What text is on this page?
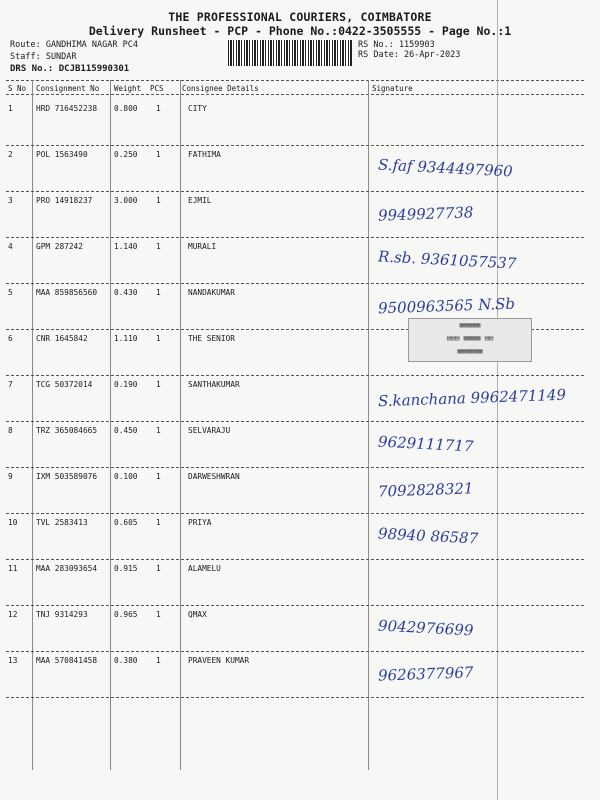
THE PROFESSIONAL COURIERS, COIMBATORE
Delivery Runsheet - PCP - Phone No.:0422-3505555 - Page No.:1
Route: GANDHIMA NAGAR PC4
Staff: SUNDAR
DRS No.: DCJB115990301
RS No.: 1159903
RS Date: 26-Apr-2023
S No Consignment No Weight PCS Consignee Details	Signature
1	HRD 716452238 0.800 1	CITY
2	POL 1563490	0.250 1	FATHIMA
S.faf 9344497960
3	PRO 14918237	3.000 1	EJMIL
9949927738
4	GPM 287242	1.140 1	MURALI
R.sb. 9361057537
5	MAA 859856560 0.430 1	NANDAKUMAR
9500963565 N.Sb
6	CNR 1645842	1.110 1	THE SENIOR
7	TCG 50372014	0.190 1	SANTHAKUMAR
S.kanchana 9962471149
8	TRZ 365084665 0.450 1	SELVARAJU
9629111717
9	IXM 503589076 0.100 1	DARWESHWRAN
7092828321
10 TVL 2583413	0.605 1	PRIYA
98940 86587
11 MAA 283093654 0.915 1	ALAMELU
12 TNJ 9314293	0.965 1	QMAX
9042976699
13 MAA 570841458 0.380 1	PRAVEEN KUMAR
9626377967
▦▦▦▦▦
▤▤▤ ▦▦▦▦ ▤▤
▦▦▦▦▦▦
